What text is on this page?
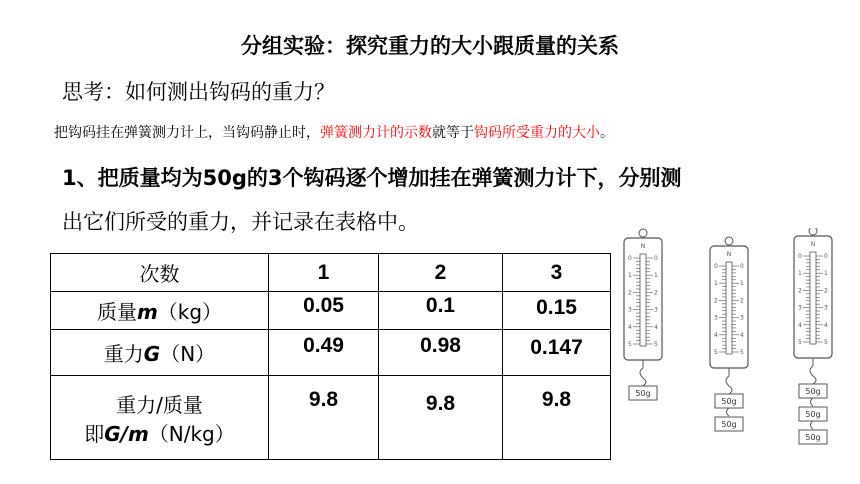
分组实验：探究重力的大小跟质量的关系
思考：如何测出钩码的重力？
把钩码挂在弹簧测力计上，当钩码静止时，弹簧测力计的示数就等于钩码所受重力的大小。
1、把质量均为50g的3个钩码逐个增加挂在弹簧测力计下，分别测
出它们所受的重力，并记录在表格中。
次数	1	2	3
质量m（kg）	0.05	0.1	0.15
重力G（N）	0.49	0.98	0.147

重力/质量
即G/m（N/kg）	9.8	9.8	9.8
N
0	0
1	1
2	2
3	3
4	4
5	5
50g
N
0	0
1	1
2	2
3	3
4	4
5	5
50g
50g
N
0	0
1	1
2	2
3	3
4	4
5	5
50g
50g
50g
